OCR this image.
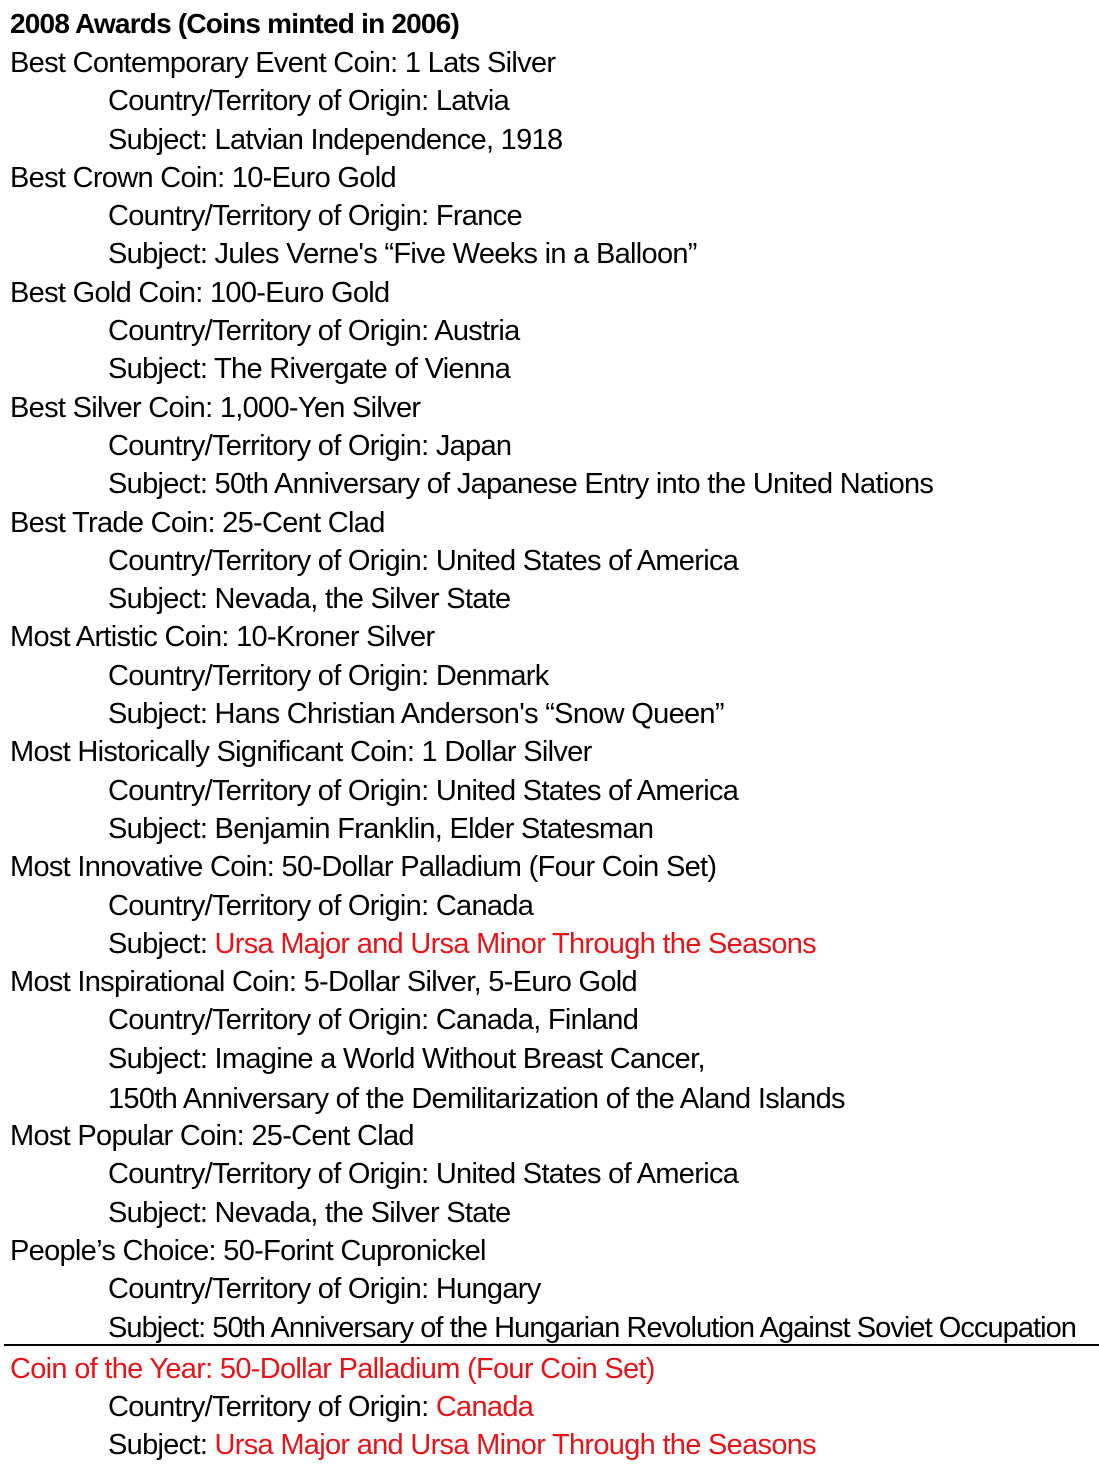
2008 Awards (Coins minted in 2006)
Best Contemporary Event Coin: 1 Lats Silver
Country/Territory of Origin: Latvia
Subject: Latvian Independence, 1918
Best Crown Coin: 10-Euro Gold
Country/Territory of Origin: France
Subject: Jules Verne's “Five Weeks in a Balloon”
Best Gold Coin: 100-Euro Gold
Country/Territory of Origin: Austria
Subject: The Rivergate of Vienna
Best Silver Coin: 1,000-Yen Silver
Country/Territory of Origin: Japan
Subject: 50th Anniversary of Japanese Entry into the United Nations
Best Trade Coin: 25-Cent Clad
Country/Territory of Origin: United States of America
Subject: Nevada, the Silver State
Most Artistic Coin: 10-Kroner Silver
Country/Territory of Origin: Denmark
Subject: Hans Christian Anderson's “Snow Queen”
Most Historically Significant Coin: 1 Dollar Silver
Country/Territory of Origin: United States of America
Subject: Benjamin Franklin, Elder Statesman
Most Innovative Coin: 50-Dollar Palladium (Four Coin Set)
Country/Territory of Origin: Canada
Subject: Ursa Major and Ursa Minor Through the Seasons
Most Inspirational Coin: 5-Dollar Silver, 5-Euro Gold
Country/Territory of Origin: Canada, Finland
Subject: Imagine a World Without Breast Cancer,
150th Anniversary of the Demilitarization of the Aland Islands
Most Popular Coin: 25-Cent Clad
Country/Territory of Origin: United States of America
Subject: Nevada, the Silver State
People’s Choice: 50-Forint Cupronickel
Country/Territory of Origin: Hungary
Subject: 50th Anniversary of the Hungarian Revolution Against Soviet Occupation
Coin of the Year: 50-Dollar Palladium (Four Coin Set)
Country/Territory of Origin: Canada
Subject: Ursa Major and Ursa Minor Through the Seasons
